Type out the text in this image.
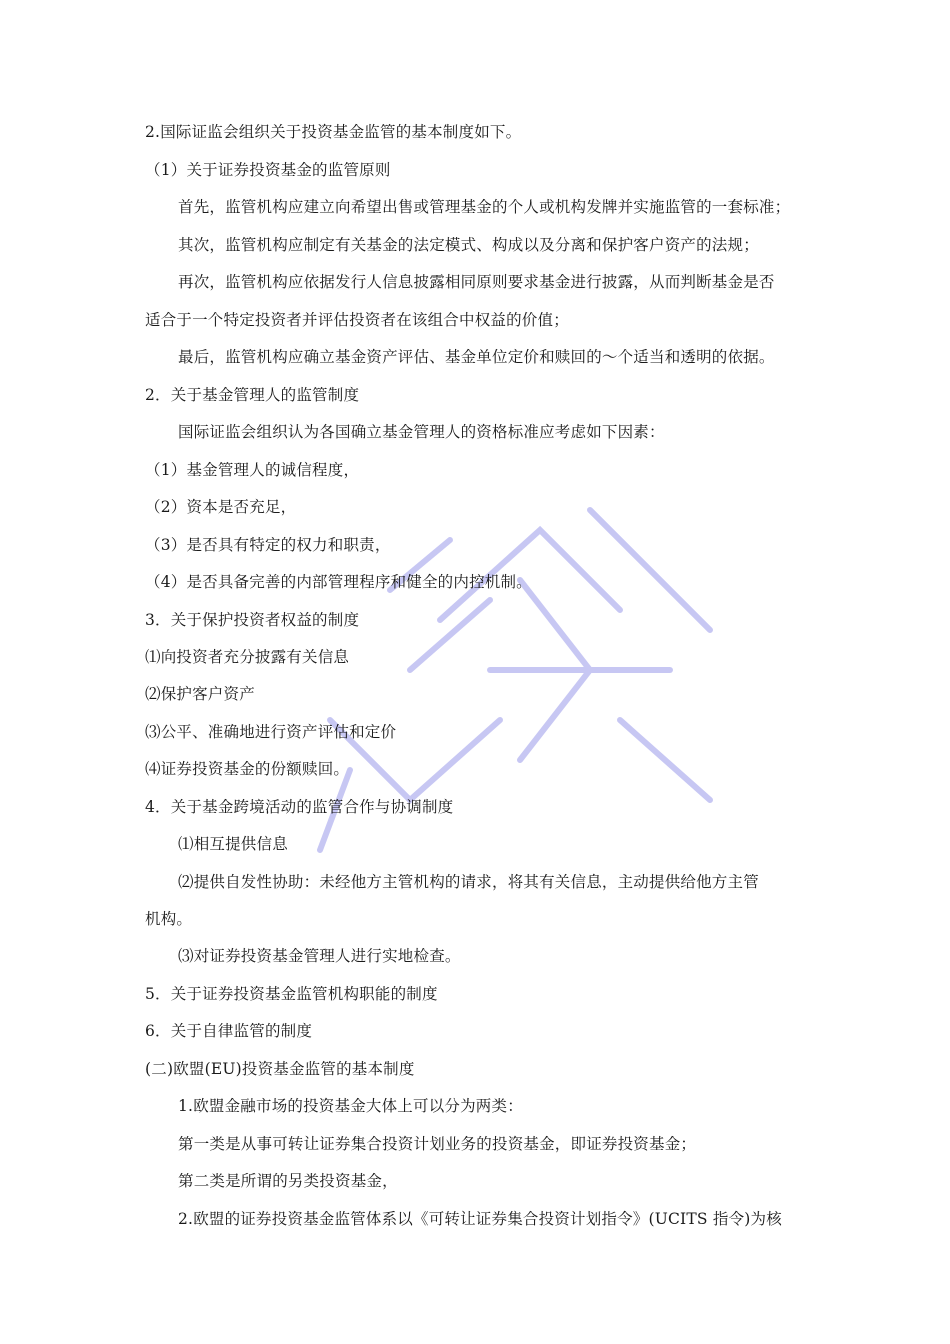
2.国际证监会组织关于投资基金监管的基本制度如下。
（1）关于证券投资基金的监管原则
首先，监管机构应建立向希望出售或管理基金的个人或机构发牌并实施监管的一套标准；
其次，监管机构应制定有关基金的法定模式、构成以及分离和保护客户资产的法规；
再次，监管机构应依据发行人信息披露相同原则要求基金进行披露，从而判断基金是否
适合于一个特定投资者并评估投资者在该组合中权益的价值；
最后，监管机构应确立基金资产评估、基金单位定价和赎回的～个适当和透明的依据。
2．关于基金管理人的监管制度
国际证监会组织认为各国确立基金管理人的资格标准应考虑如下因素：
（1）基金管理人的诚信程度，
（2）资本是否充足，
（3）是否具有特定的权力和职责，
（4）是否具备完善的内部管理程序和健全的内控机制。
3．关于保护投资者权益的制度
⑴向投资者充分披露有关信息
⑵保护客户资产
⑶公平、准确地进行资产评估和定价
⑷证券投资基金的份额赎回。
4．关于基金跨境活动的监管合作与协调制度
⑴相互提供信息
⑵提供自发性协助：未经他方主管机构的请求，将其有关信息，主动提供给他方主管
机构。
⑶对证券投资基金管理人进行实地检查。
5．关于证券投资基金监管机构职能的制度
6．关于自律监管的制度
(二)欧盟(EU)投资基金监管的基本制度
1.欧盟金融市场的投资基金大体上可以分为两类：
第一类是从事可转让证券集合投资计划业务的投资基金，即证券投资基金；
第二类是所谓的另类投资基金，
2.欧盟的证券投资基金监管体系以《可转让证券集合投资计划指令》(UCITS 指令)为核
